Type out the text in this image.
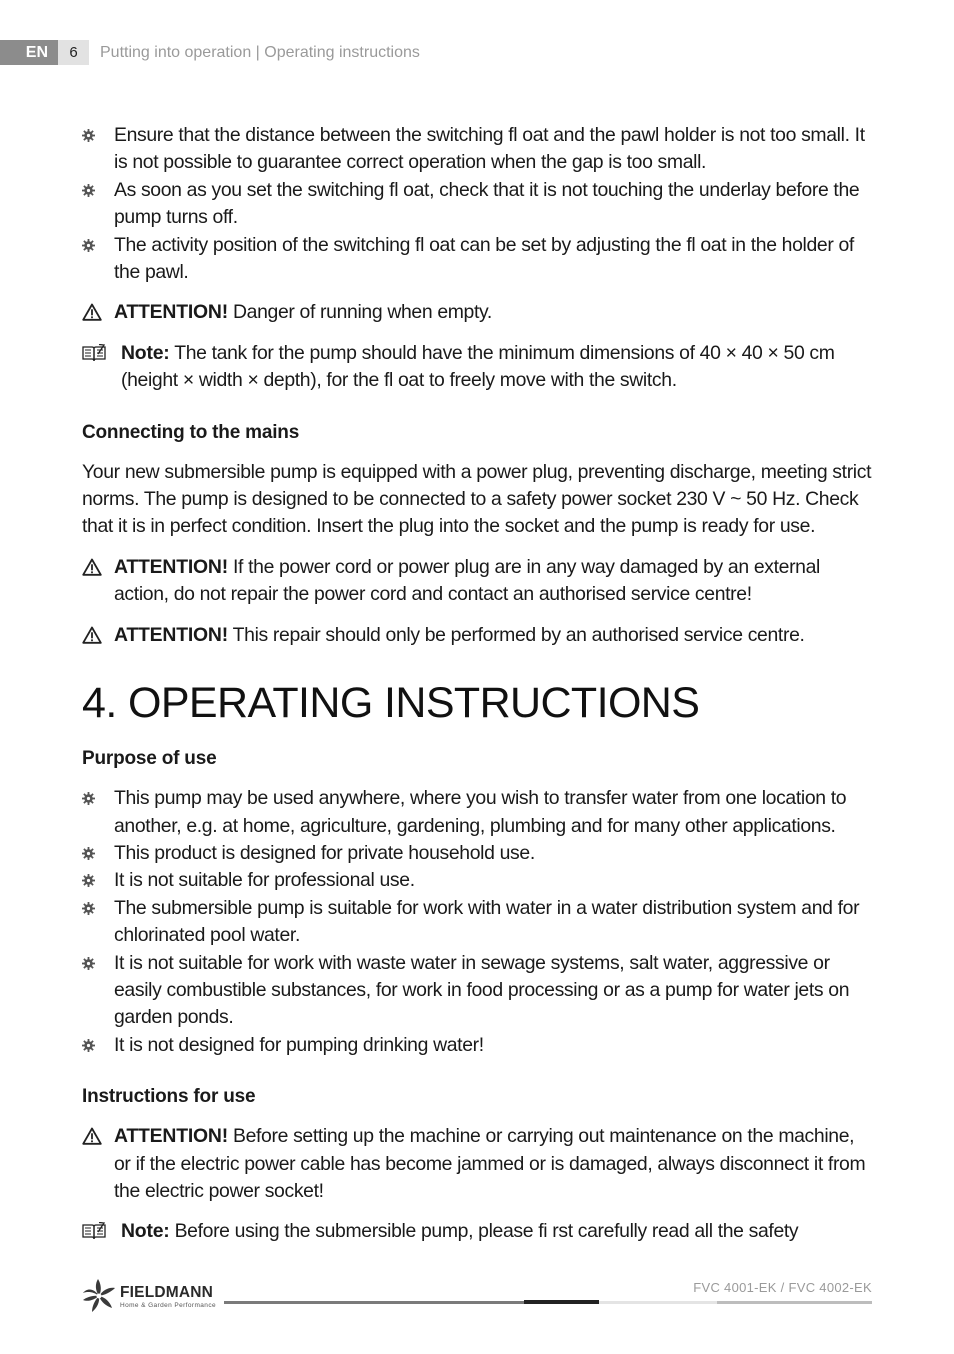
EN	6	Putting into operation | Operating instructions
Ensure that the distance between the switching fl oat and the pawl holder is not too small. It is not possible to guarantee correct operation when the gap is too small.
As soon as you set the switching fl oat, check that it is not touching the underlay before the pump turns off.
The activity position of the switching fl oat can be set by adjusting the fl oat in the holder of the pawl.
ATTENTION! Danger of running when empty.
Note: The tank for the pump should have the minimum dimensions of 40 × 40 × 50 cm (height × width × depth), for the fl oat to freely move with the switch.
Connecting to the mains
Your new submersible pump is equipped with a power plug, preventing discharge, meeting strict norms. The pump is designed to be connected to a safety power socket 230 V ~ 50 Hz. Check that it is in perfect condition. Insert the plug into the socket and the pump is ready for use.
ATTENTION! If the power cord or power plug are in any way damaged by an external action, do not repair the power cord and contact an authorised service centre!
ATTENTION! This repair should only be performed by an authorised service centre.
4. OPERATING INSTRUCTIONS
Purpose of use
This pump may be used anywhere, where you wish to transfer water from one location to another, e.g. at home, agriculture, gardening, plumbing and for many other applications.
This product is designed for private household use.
It is not suitable for professional use.
The submersible pump is suitable for work with water in a water distribution system and for chlorinated pool water.
It is not suitable for work with waste water in sewage systems, salt water, aggressive or easily combustible substances, for work in food processing or as a pump for water jets on garden ponds.
It is not designed for pumping drinking water!
Instructions for use
ATTENTION! Before setting up the machine or carrying out maintenance on the machine, or if the electric power cable has become jammed or is damaged, always disconnect it from the electric power socket!
Note: Before using the submersible pump, please fi rst carefully read all the safety
FIELDMANN
Home & Garden Performance
FVC 4001-EK / FVC 4002-EK
